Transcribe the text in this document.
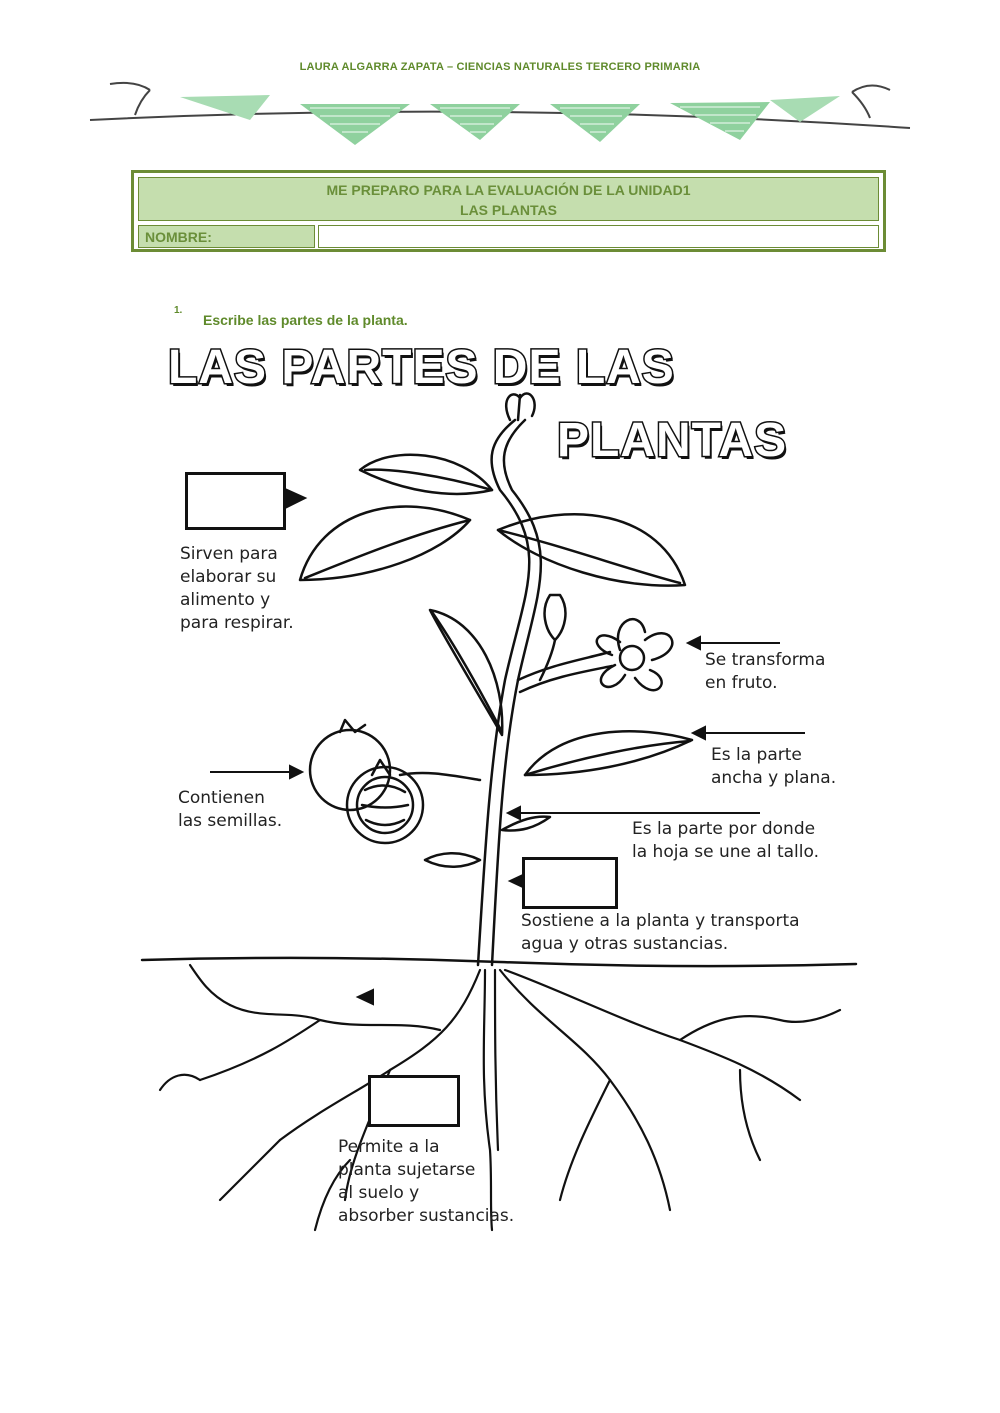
LAURA ALGARRA ZAPATA – CIENCIAS NATURALES TERCERO PRIMARIA
ME PREPARO PARA LA EVALUACIÓN DE LA UNIDAD1
LAS PLANTAS
NOMBRE:
1.
Escribe las partes de la planta.
LAS PARTES DE LAS
PLANTAS
Sirven para
elaborar su
alimento y
para respirar.
Se transforma
en fruto.
Es la parte
ancha y plana.
Contienen
las semillas.	Es la parte por donde
la hoja se une al tallo.
Sostiene a la planta y transporta
agua y otras sustancias.
Permite a la
planta sujetarse
al suelo y
absorber sustancias.
